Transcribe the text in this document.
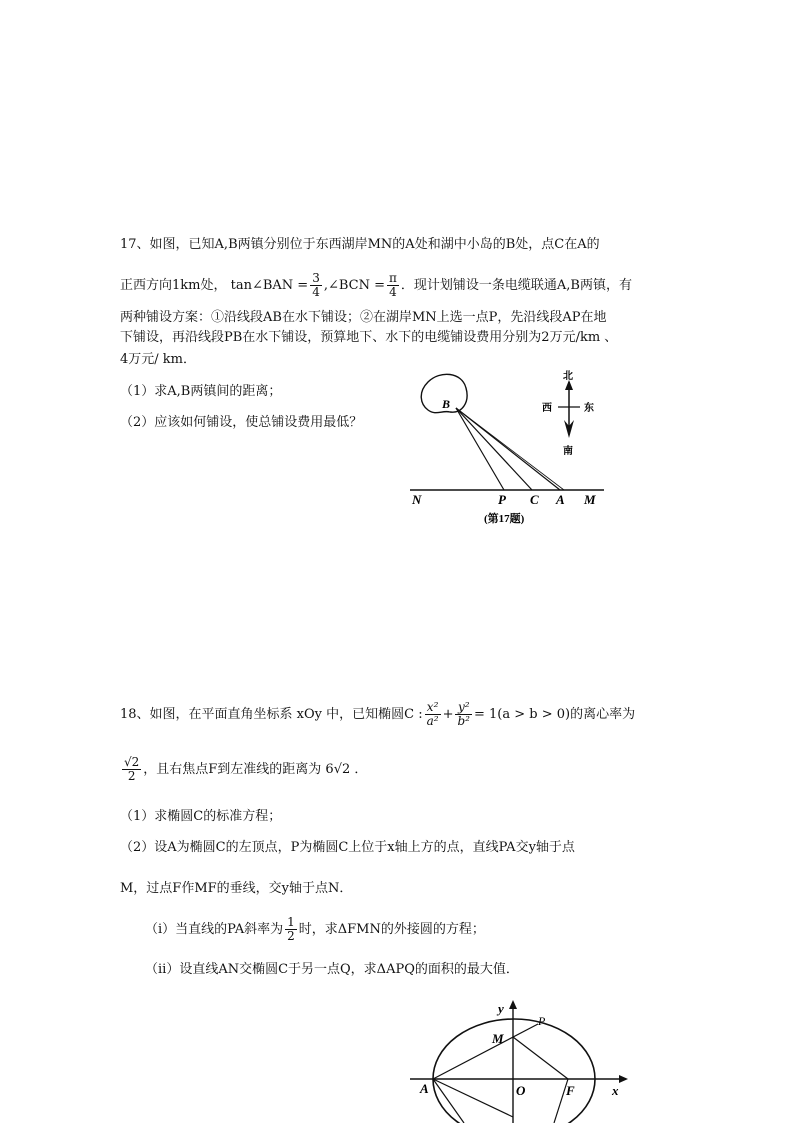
17、如图，已知A,B两镇分别位于东西湖岸MN的A处和湖中小岛的B处，点C在A的
正西方向1km处， tan∠BAN = $\frac{3}{4}$ ,∠BCN = $\frac{\pi}{4}$ ．现计划铺设一条电缆联通A,B两镇，有
两种铺设方案：①沿线段AB在水下铺设；②在湖岸MN上选一点P，先沿线段AP在地
下铺设，再沿线段PB在水下铺设，预算地下、水下的电缆铺设费用分别为2万元/km 、
4万元/ km．
（1）求A,B两镇间的距离；
（2）应该如何铺设，使总铺设费用最低？
B
N	P C A M
北
西	东
南
(第17题)
18、如图，在平面直角坐标系 xOy 中，已知椭圆C : $\frac{\text{x²}}{\text{a²}} + \frac{\text{y²}}{\text{b²}} = 1(a > b > 0)$的离心率为
$\frac{√2}{2}$ ，且右焦点F到左准线的距离为 6√2 ．
（1）求椭圆C的标准方程；
（2）设A为椭圆C的左顶点，P为椭圆C上位于x轴上方的点，直线PA交y轴于点
M，过点F作MF的垂线，交y轴于点N．
（ⅰ）当直线的PA斜率为 $\frac{1}{2}$ 时，求ΔFMN的外接圆的方程；
（ⅱ）设直线AN交椭圆C于另一点Q，求ΔAPQ的面积的最大值．
y
P
M
A	O	F	x
